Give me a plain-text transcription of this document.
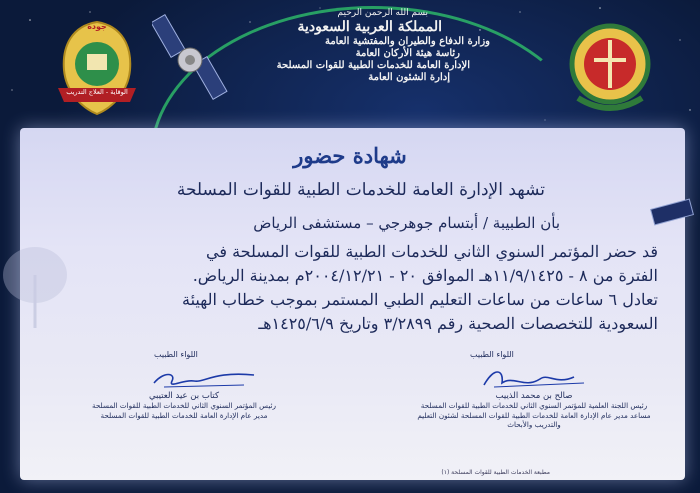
بسم الله الرحمن الرحيم
المملكة العربية السعودية
وزارة الدفاع والطيران والمفتشية العامة
رئاسة هيئة الأركان العامة
الإدارة العامة للخدمات الطبية للقوات المسلحة
إدارة الشئون العامة
جودة
الوقاية - العلاج التدريب
شهادة حضور
تشهد الإدارة العامة للخدمات الطبية للقوات المسلحة
بأن الطبيبة / أبتسام جوهرجي – مستشفى الرياض
قد حضر المؤتمر السنوي الثاني للخدمات الطبية للقوات المسلحة في
الفترة من ٨ - ١١/٩/١٤٢٥هـ الموافق ٢٠ - ٢٠٠٤/١٢/٢١م بمدينة الرياض.
تعادل ٦ ساعات من ساعات التعليم الطبي المستمر بموجب خطاب الهيئة
السعودية للتخصصات الصحية رقم ٣/٢٨٩٩ وتاريخ ١٤٢٥/٦/٩هـ
اللواء الطبيب
كتاب بن عيد العتيبي
رئيس المؤتمر السنوي الثاني للخدمات الطبية للقوات المسلحة
مدير عام الإدارة العامة للخدمات الطبية للقوات المسلحة
اللواء الطبيب
صالح بن محمد الذييب
رئيس اللجنة العلمية للمؤتمر السنوي الثاني للخدمات الطبية للقوات المسلحة
مساعد مدير عام الإدارة العامة للخدمات الطبية للقوات المسلحة لشئون التعليم والتدريب والأبحاث
مطبعة الخدمات الطبية للقوات المسلحة (١)
